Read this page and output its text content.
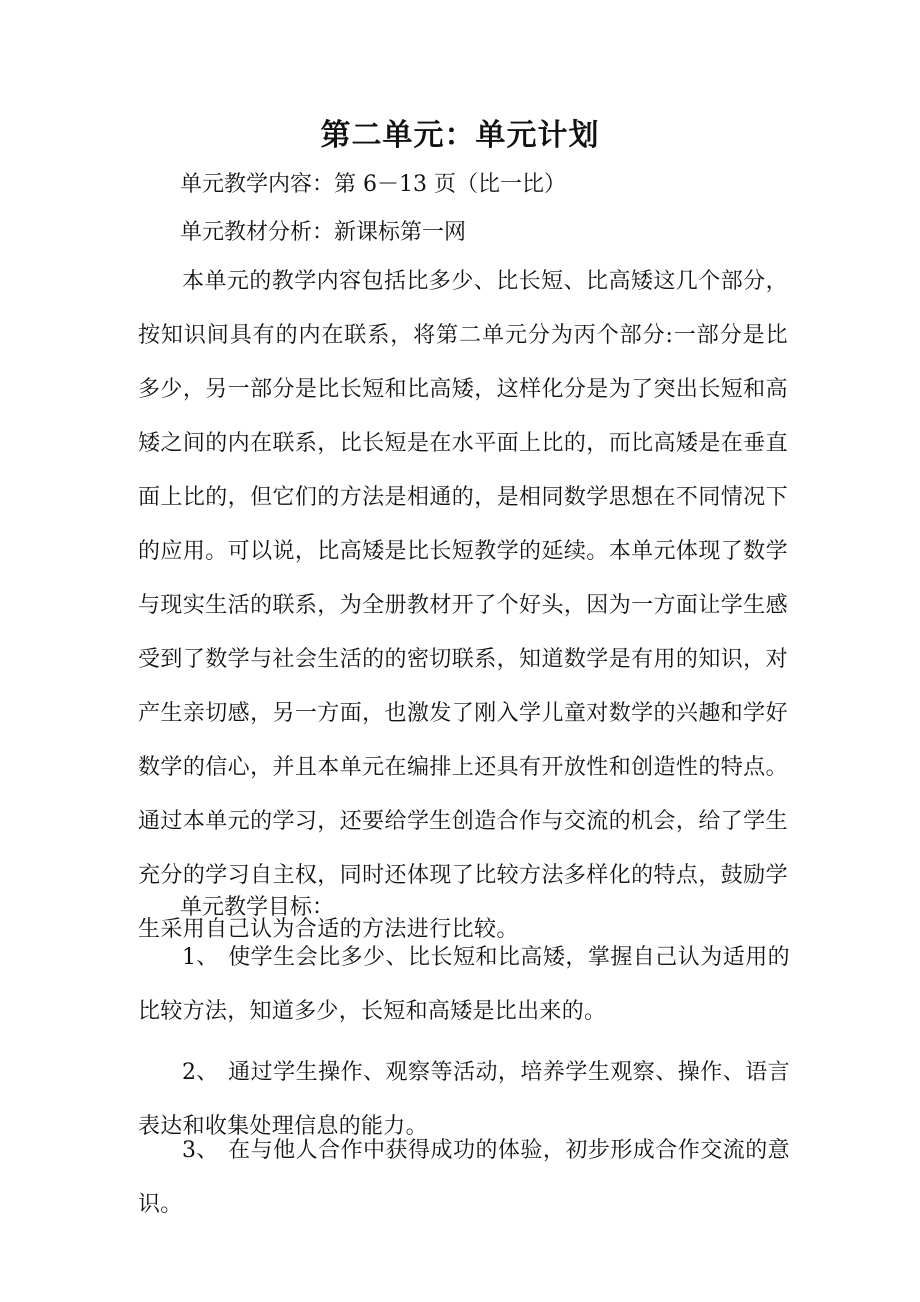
第二单元：单元计划
单元教学内容：第 6－13 页（比一比）
单元教材分析：新课标第一网
本单元的教学内容包括比多少、比长短、比高矮这几个部分，按知识间具有的内在联系，将第二单元分为丙个部分:一部分是比多少，另一部分是比长短和比高矮，这样化分是为了突出长短和高矮之间的内在联系，比长短是在水平面上比的，而比高矮是在垂直面上比的，但它们的方法是相通的，是相同数学思想在不同情况下的应用。可以说，比高矮是比长短教学的延续。本单元体现了数学与现实生活的联系，为全册教材开了个好头，因为一方面让学生感受到了数学与社会生活的的密切联系，知道数学是有用的知识，对产生亲切感，另一方面，也激发了刚入学儿童对数学的兴趣和学好数学的信心，并且本单元在编排上还具有开放性和创造性的特点。通过本单元的学习，还要给学生创造合作与交流的机会，给了学生充分的学习自主权，同时还体现了比较方法多样化的特点，鼓励学生采用自己认为合适的方法进行比较。
单元教学目标：
1、 使学生会比多少、比长短和比高矮，掌握自己认为适用的比较方法，知道多少，长短和高矮是比出来的。
2、 通过学生操作、观察等活动，培养学生观察、操作、语言表达和收集处理信息的能力。
3、 在与他人合作中获得成功的体验，初步形成合作交流的意识。
